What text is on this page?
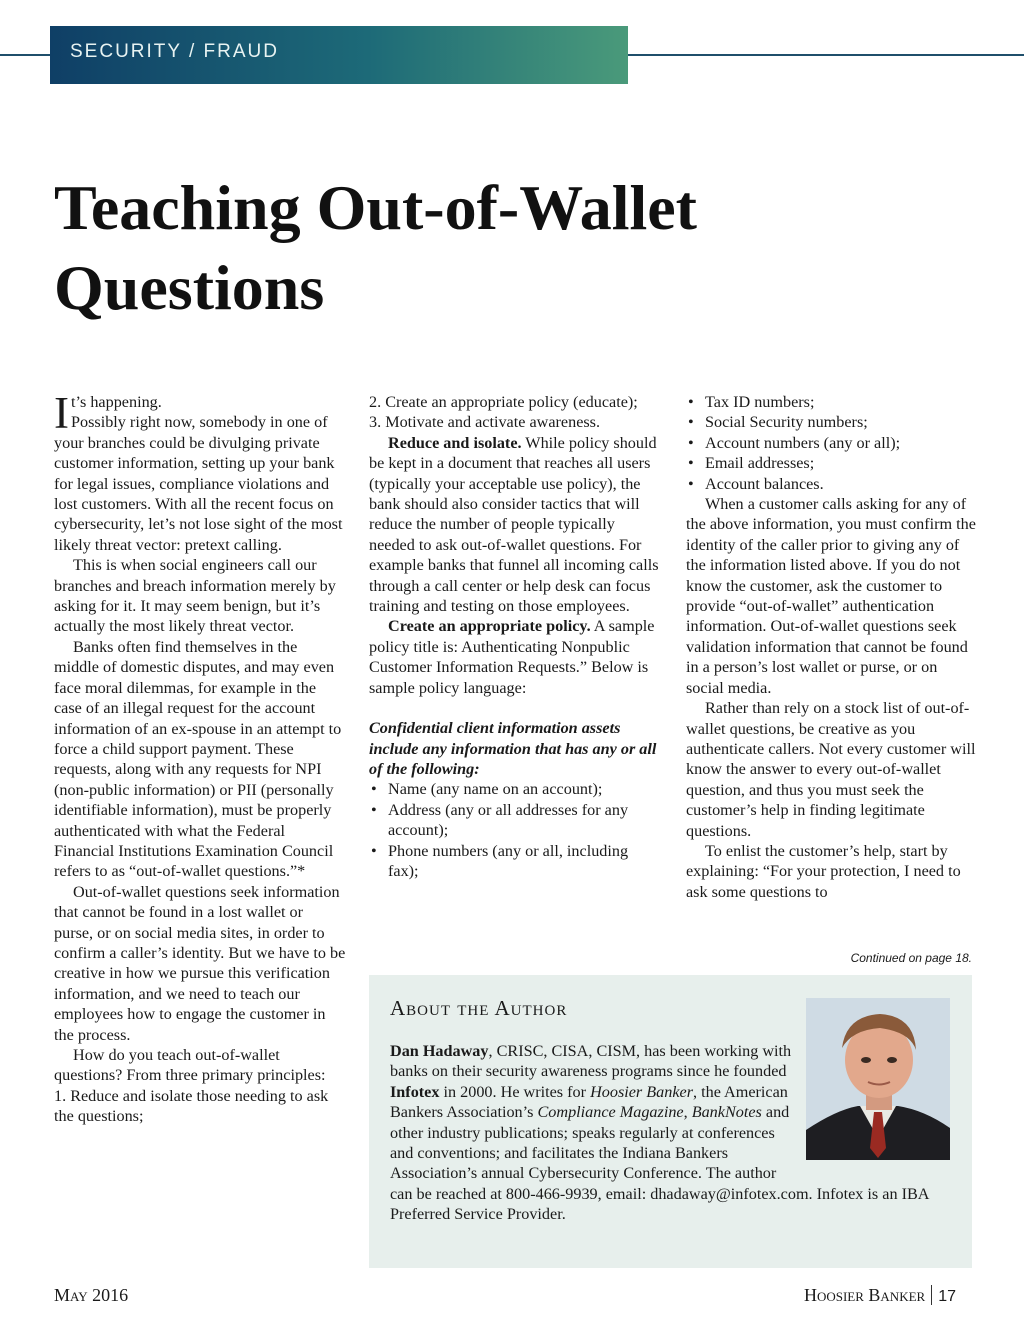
SECURITY / FRAUD
Teaching Out-of-Wallet
Questions

It’s happening.
Possibly right now, somebody in one of your branches could be divulging private customer information, setting up your bank for legal issues, compliance violations and lost customers. With all the recent focus on cybersecurity, let’s not lose sight of the most likely threat vector: pretext calling.

This is when social engineers call our branches and breach information merely by asking for it. It may seem benign, but it’s actually the most likely threat vector.

Banks often find themselves in the middle of domestic disputes, and may even face moral dilemmas, for example in the case of an illegal request for the account information of an ex-spouse in an attempt to force a child support payment. These requests, along with any requests for NPI (non-public information) or PII (personally identifiable information), must be properly authenticated with what the Federal Financial Institutions Examination Council refers to as “out-of-wallet questions.”*

Out-of-wallet questions seek information that cannot be found in a lost wallet or purse, or on social media sites, in order to confirm a caller’s identity. But we have to be creative in how we pursue this verification information, and we need to teach our employees how to engage the customer in the process.

How do you teach out-of-wallet questions? From three primary principles:

1. Reduce and isolate those needing to ask the questions;

2. Create an appropriate policy (educate);

3. Motivate and activate awareness.

Reduce and isolate. While policy should be kept in a document that reaches all users (typically your acceptable use policy), the bank should also consider tactics that will reduce the number of people typically needed to ask out-of-wallet questions. For example banks that funnel all incoming calls through a call center or help desk can focus training and testing on those employees.

Create an appropriate policy. A sample policy title is: Authenticating Nonpublic Customer Information Requests.” Below is sample policy language:

Confidential client information assets include any information that has any or all of the following:

• Name (any name on an account);
• Address (any or all addresses for any account);
• Phone numbers (any or all, including fax);
• Tax ID numbers;
• Social Security numbers;
• Account numbers (any or all);
• Email addresses;
• Account balances.

When a customer calls asking for any of the above information, you must confirm the identity of the caller prior to giving any of the information listed above. If you do not know the customer, ask the customer to provide “out-of-wallet” authentication information. Out-of-wallet questions seek validation information that cannot be found in a person’s lost wallet or purse, or on social media.

Rather than rely on a stock list of out-of-wallet questions, be creative as you authenticate callers. Not every customer will know the answer to every out-of-wallet question, and thus you must seek the customer’s help in finding legitimate questions.

To enlist the customer’s help, start by explaining: “For your protection, I need to ask some questions to

Continued on page 18.
About the Author

Dan Hadaway, CRISC, CISA, CISM, has been working with banks on their security awareness programs since he founded Infotex in 2000. He writes for Hoosier Banker, the American Bankers Association’s Compliance Magazine, BankNotes and other industry publications; speaks regularly at conferences and conventions; and facilitates the Indiana Bankers Association’s annual Cybersecurity Conference. The author can be reached at 800-466-9939, email: dhadaway@infotex.com. Infotex is an IBA Preferred Service Provider.

May 2016	Hoosier Banker 17
